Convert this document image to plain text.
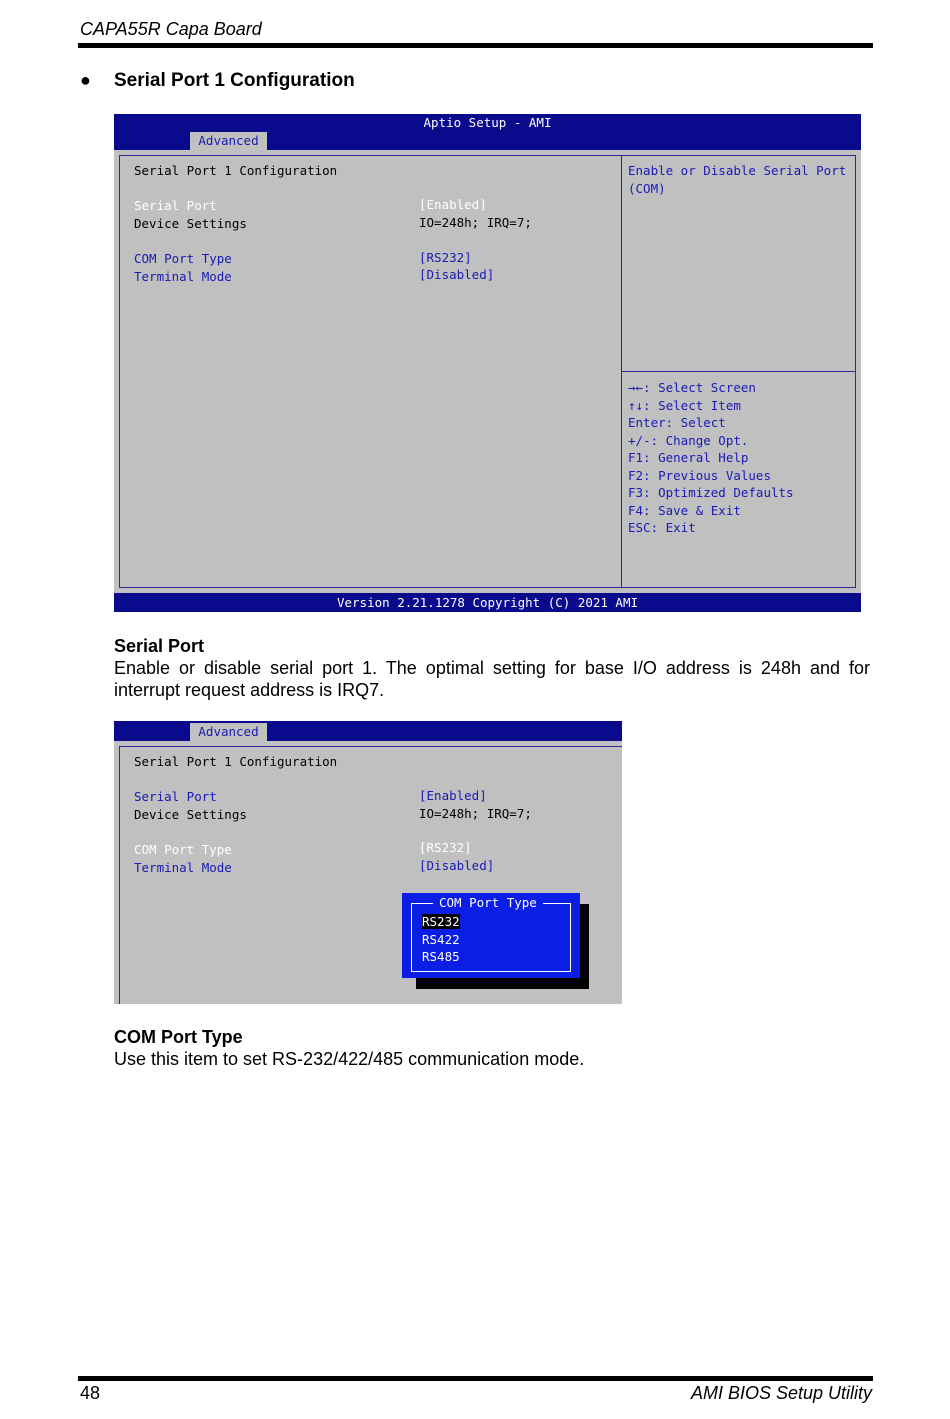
CAPA55R Capa Board
● Serial Port 1 Configuration
Aptio Setup - AMI
Advanced
Serial Port 1 Configuration
Serial Port	[Enabled]
Device Settings	IO=248h; IRQ=7;
COM Port Type	[RS232]
Terminal Mode	[Disabled]
Enable or Disable Serial Port
(COM)
→←: Select Screen
↑↓: Select Item
Enter: Select
+/-: Change Opt.
F1: General Help
F2: Previous Values
F3: Optimized Defaults
F4: Save & Exit
ESC: Exit
Version 2.21.1278 Copyright (C) 2021 AMI
Serial Port
Enable or disable serial port 1. The optimal setting for base I/O address is 248h and for interrupt request address is IRQ7.
Advanced
Serial Port 1 Configuration
Serial Port	[Enabled]
Device Settings	IO=248h; IRQ=7;
COM Port Type	[RS232]
Terminal Mode	[Disabled]
COM Port Type
RS232
RS422
RS485
COM Port Type
Use this item to set RS-232/422/485 communication mode.
48	AMI BIOS Setup Utility
